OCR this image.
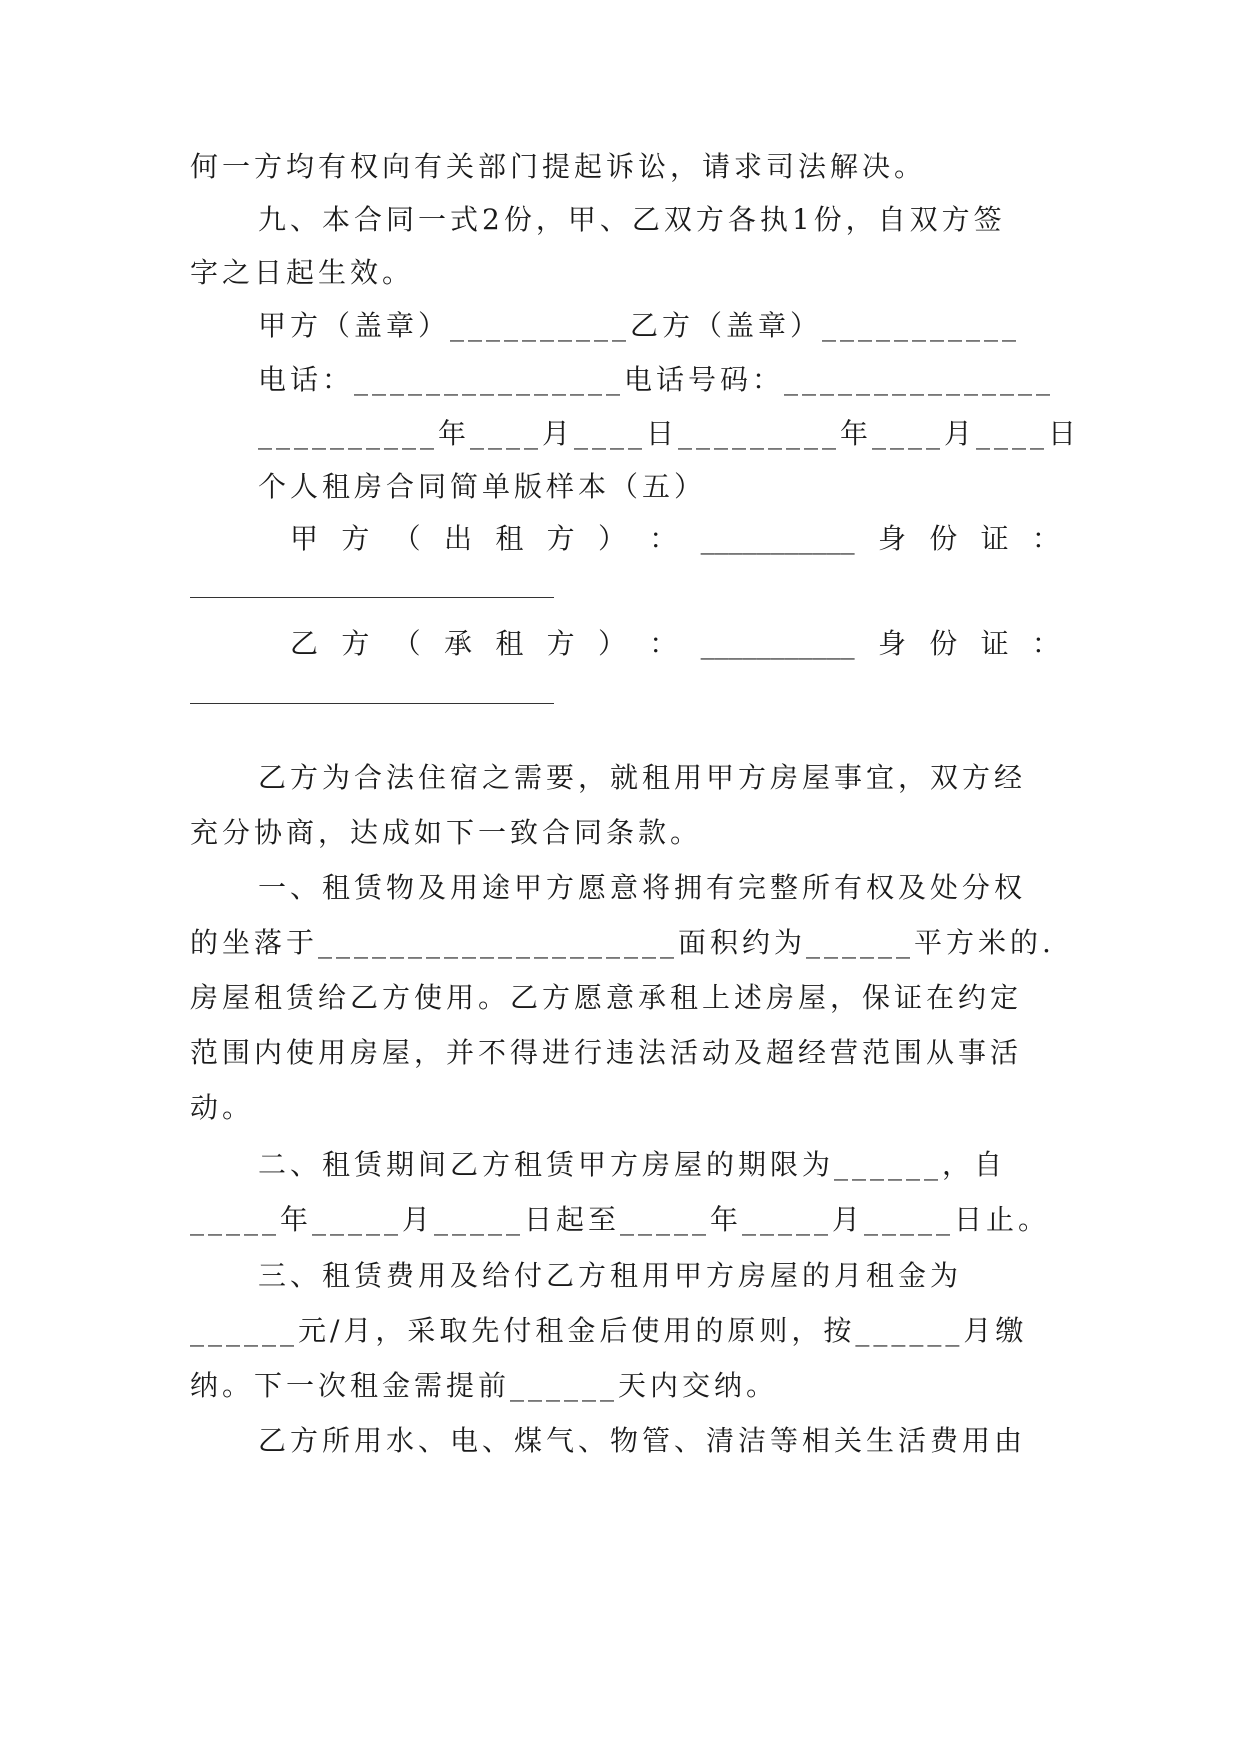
何一方均有权向有关部门提起诉讼，请求司法解决。
九、本合同一式2份，甲、乙双方各执1份，自双方签
字之日起生效。
甲方（盖章）__________乙方（盖章）___________
电话：_______________电话号码：_______________
__________年____月____日_________年____月____日
个人租房合同简单版样本（五）
甲 方 （ 出 租 方 ） ： ___________ 身 份 证 ：
乙 方 （ 承 租 方 ） ： ___________ 身 份 证 ：
乙方为合法住宿之需要，就租用甲方房屋事宜，双方经
充分协商，达成如下一致合同条款。
一、租赁物及用途甲方愿意将拥有完整所有权及处分权
的坐落于____________________面积约为______平方米的.
房屋租赁给乙方使用。乙方愿意承租上述房屋，保证在约定
范围内使用房屋，并不得进行违法活动及超经营范围从事活
动。
二、租赁期间乙方租赁甲方房屋的期限为______，自
_____年_____月_____日起至_____年_____月_____日止。
三、租赁费用及给付乙方租用甲方房屋的月租金为
______元/月，采取先付租金后使用的原则，按______月缴
纳。下一次租金需提前______天内交纳。
乙方所用水、电、煤气、物管、清洁等相关生活费用由
